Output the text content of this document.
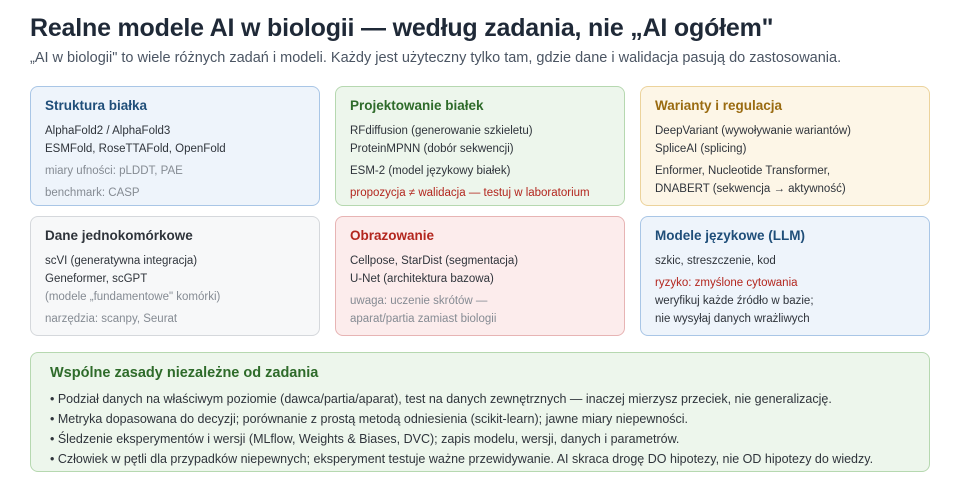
Realne modele AI w biologii — według zadania, nie „AI ogółem"
„AI w biologii" to wiele różnych zadań i modeli. Każdy jest użyteczny tylko tam, gdzie dane i walidacja pasują do zastosowania.
Struktura białka
AlphaFold2 / AlphaFold3
ESMFold, RoseTTAFold, OpenFold
miary ufności: pLDDT, PAE
benchmark: CASP
Projektowanie białek
RFdiffusion (generowanie szkieletu)
ProteinMPNN (dobór sekwencji)
ESM-2 (model językowy białek)
propozycja ≠ walidacja — testuj w laboratorium
Warianty i regulacja
DeepVariant (wywoływanie wariantów)
SpliceAI (splicing)
Enformer, Nucleotide Transformer,
DNABERT (sekwencja → aktywność)
Dane jednokomórkowe
scVI (generatywna integracja)
Geneformer, scGPT
(modele „fundamentowe" komórki)
narzędzia: scanpy, Seurat
Obrazowanie
Cellpose, StarDist (segmentacja)
U-Net (architektura bazowa)
uwaga: uczenie skrótów —
aparat/partia zamiast biologii
Modele językowe (LLM)
szkic, streszczenie, kod
ryzyko: zmyślone cytowania
weryfikuj każde źródło w bazie;
nie wysyłaj danych wrażliwych
Wspólne zasady niezależne od zadania
• Podział danych na właściwym poziomie (dawca/partia/aparat), test na danych zewnętrznych — inaczej mierzysz przeciek, nie generalizację.
• Metryka dopasowana do decyzji; porównanie z prostą metodą odniesienia (scikit-learn); jawne miary niepewności.
• Śledzenie eksperymentów i wersji (MLflow, Weights & Biases, DVC); zapis modelu, wersji, danych i parametrów.
• Człowiek w pętli dla przypadków niepewnych; eksperyment testuje ważne przewidywanie. AI skraca drogę DO hipotezy, nie OD hipotezy do wiedzy.
